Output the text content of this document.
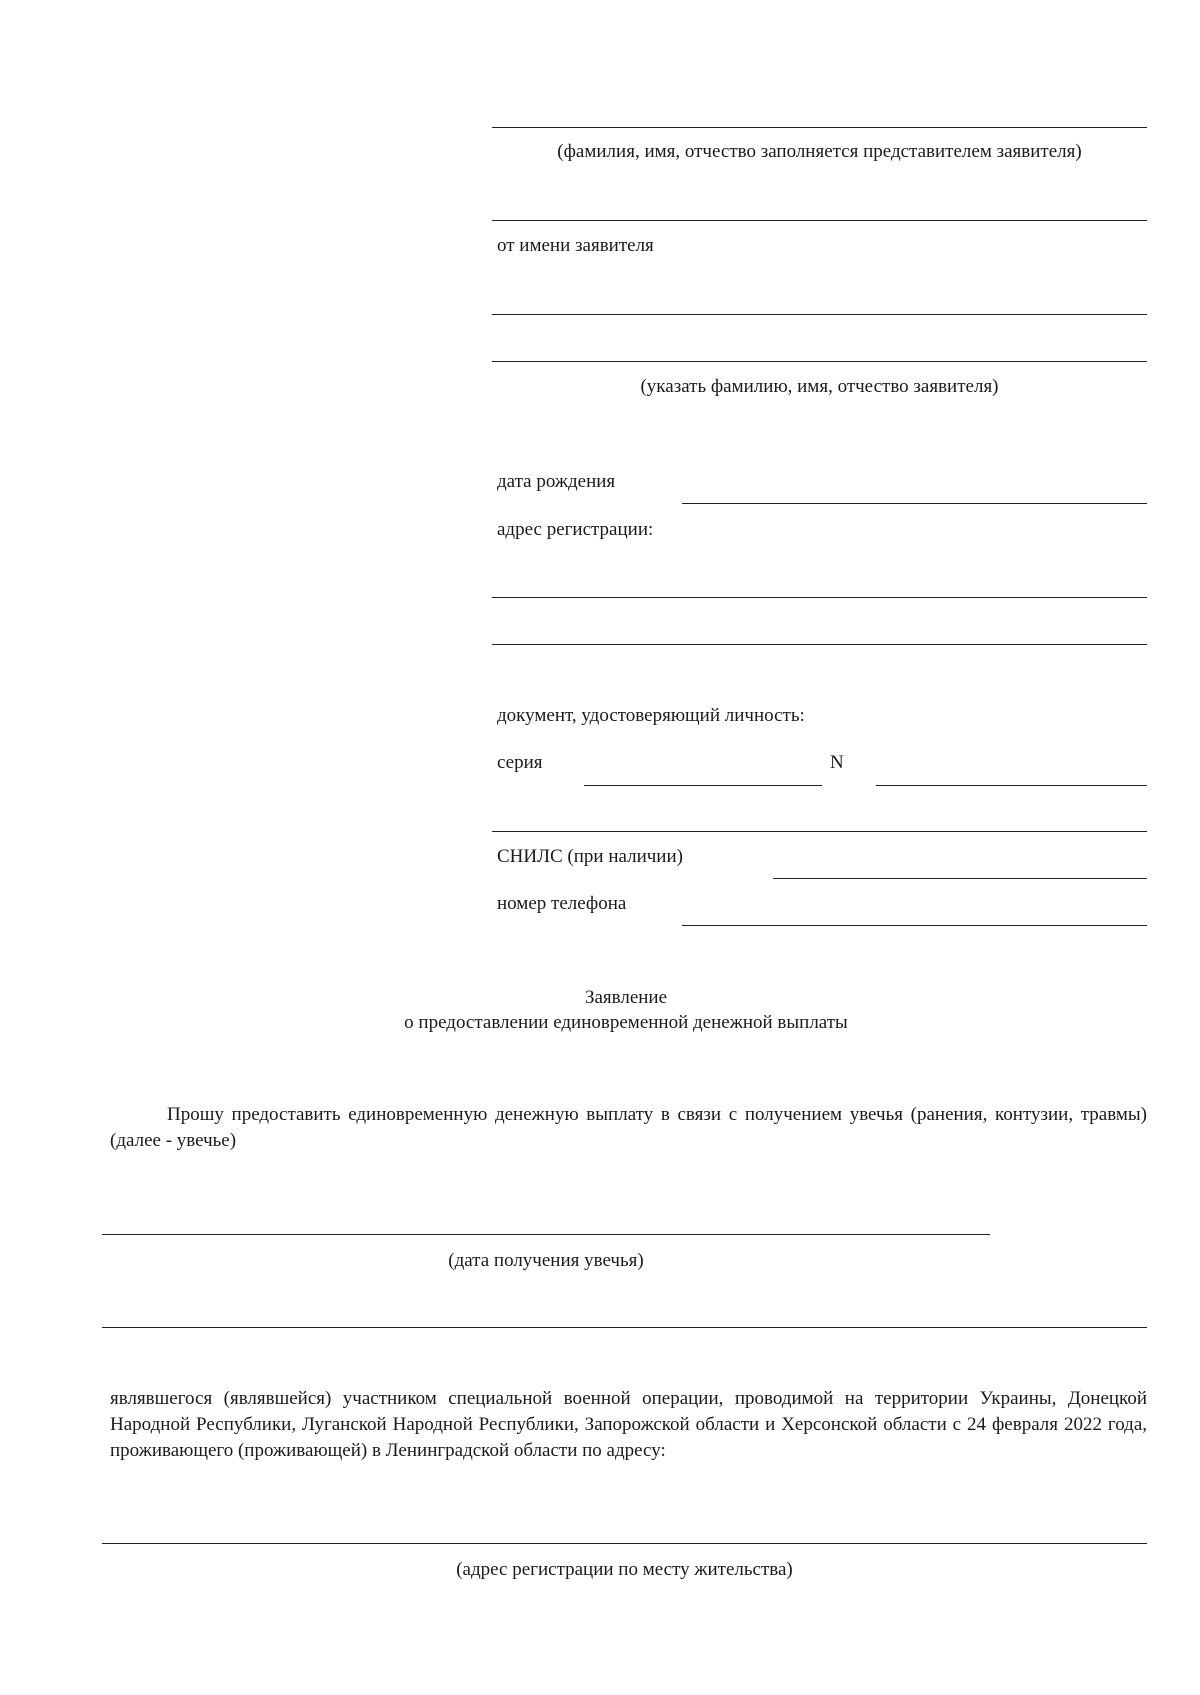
(фамилия, имя, отчество заполняется представителем заявителя)
от имени заявителя
(указать фамилию, имя, отчество заявителя)
дата рождения
адрес регистрации:
документ, удостоверяющий личность:
серия	N
СНИЛС (при наличии)
номер телефона
Заявление
о предоставлении единовременной денежной выплаты
Прошу предоставить единовременную денежную выплату в связи с получением увечья (ранения, контузии, травмы) (далее - увечье)
(дата получения увечья)
являвшегося (являвшейся) участником специальной военной операции, проводимой на территории Украины, Донецкой Народной Республики, Луганской Народной Республики, Запорожской области и Херсонской области с 24 февраля 2022 года, проживающего (проживающей) в Ленинградской области по адресу:
(адрес регистрации по месту жительства)
